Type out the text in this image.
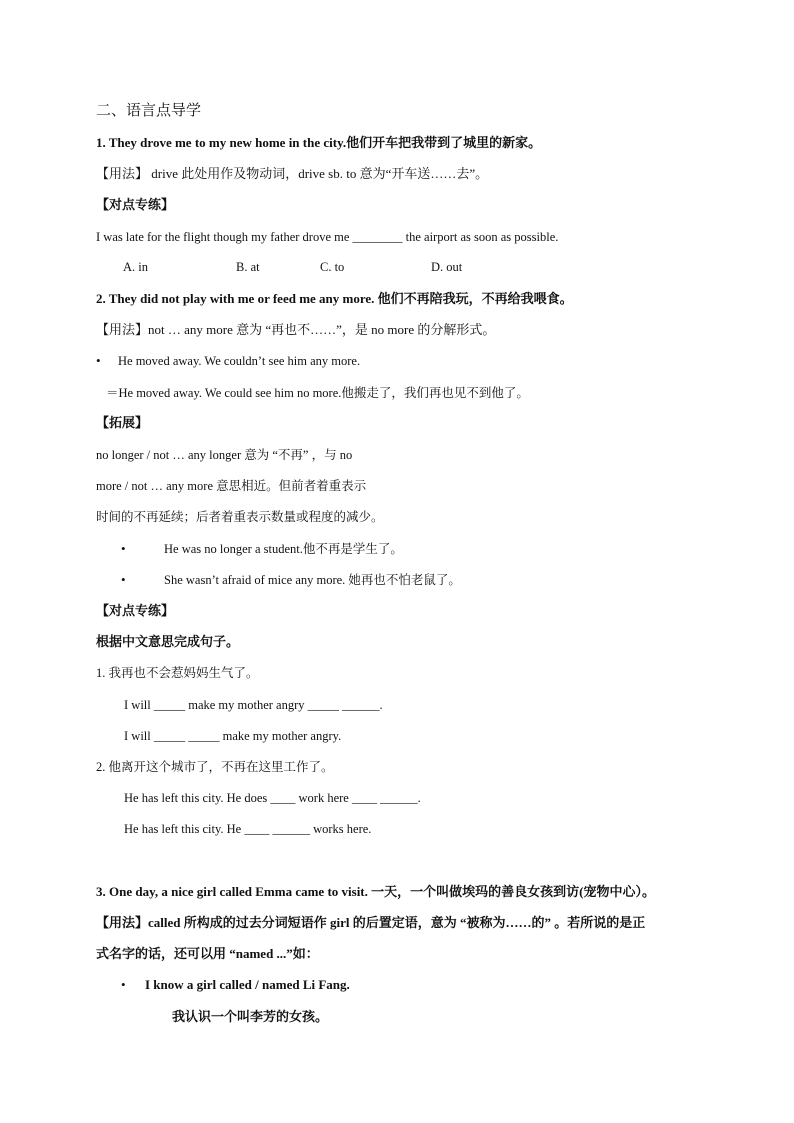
二、语言点导学
1. They drove me to my new home in the city.他们开车把我带到了城里的新家。
【用法】 drive 此处用作及物动词，drive sb. to 意为“开车送……去”。
【对点专练】
I was late for the flight though my father drove me ________ the airport as soon as possible.
A. in	B. at	C. to	D. out
2. They did not play with me or feed me any more. 他们不再陪我玩，不再给我喂食。
【用法】not … any more 意为 “再也不……”，是 no more 的分解形式。
• He moved away. We couldn’t see him any more.
＝He moved away. We could see him no more.他搬走了，我们再也见不到他了。
【拓展】
no longer / not … any longer 意为 “不再” ，与 no
more / not … any more 意思相近。但前者着重表示
时间的不再延续；后者着重表示数量或程度的减少。
•	He was no longer a student.他不再是学生了。
•	She wasn’t afraid of mice any more. 她再也不怕老鼠了。
【对点专练】
根据中文意思完成句子。
1. 我再也不会惹妈妈生气了。
I will _____ make my mother angry _____ ______.
I will _____ _____ make my mother angry.
2. 他离开这个城市了，不再在这里工作了。
He has left this city. He does ____ work here ____ ______.
He has left this city. He ____ ______ works here.
3. One day, a nice girl called Emma came to visit. 一天，一个叫做埃玛的善良女孩到访(宠物中心）。
【用法】called 所构成的过去分词短语作 girl 的后置定语，意为 “被称为……的” 。若所说的是正
式名字的话，还可以用 “named ...”如：
• I know a girl called / named Li Fang.
我认识一个叫李芳的女孩。
